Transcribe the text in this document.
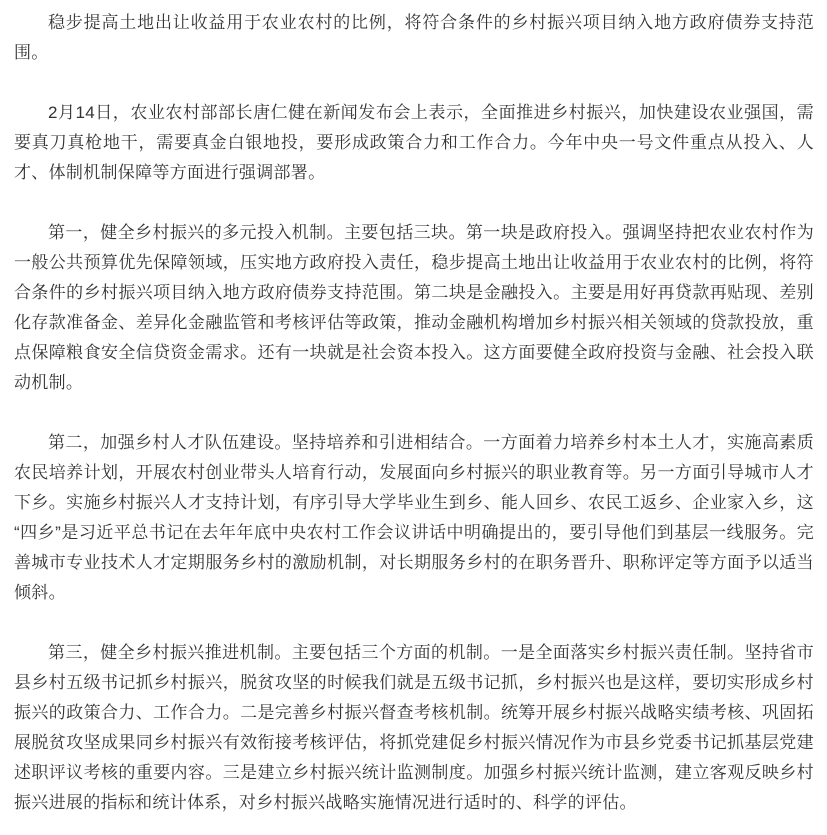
稳步提高土地出让收益用于农业农村的比例，将符合条件的乡村振兴项目纳入地方政府债券支持范围。

2月14日，农业农村部部长唐仁健在新闻发布会上表示，全面推进乡村振兴，加快建设农业强国，需要真刀真枪地干，需要真金白银地投，要形成政策合力和工作合力。今年中央一号文件重点从投入、人才、体制机制保障等方面进行强调部署。

第一，健全乡村振兴的多元投入机制。主要包括三块。第一块是政府投入。强调坚持把农业农村作为一般公共预算优先保障领域，压实地方政府投入责任，稳步提高土地出让收益用于农业农村的比例，将符合条件的乡村振兴项目纳入地方政府债券支持范围。第二块是金融投入。主要是用好再贷款再贴现、差别化存款准备金、差异化金融监管和考核评估等政策，推动金融机构增加乡村振兴相关领域的贷款投放，重点保障粮食安全信贷资金需求。还有一块就是社会资本投入。这方面要健全政府投资与金融、社会投入联动机制。

第二，加强乡村人才队伍建设。坚持培养和引进相结合。一方面着力培养乡村本土人才，实施高素质农民培养计划，开展农村创业带头人培育行动，发展面向乡村振兴的职业教育等。另一方面引导城市人才下乡。实施乡村振兴人才支持计划，有序引导大学毕业生到乡、能人回乡、农民工返乡、企业家入乡，这“四乡”是习近平总书记在去年年底中央农村工作会议讲话中明确提出的，要引导他们到基层一线服务。完善城市专业技术人才定期服务乡村的激励机制，对长期服务乡村的在职务晋升、职称评定等方面予以适当倾斜。

第三，健全乡村振兴推进机制。主要包括三个方面的机制。一是全面落实乡村振兴责任制。坚持省市县乡村五级书记抓乡村振兴，脱贫攻坚的时候我们就是五级书记抓，乡村振兴也是这样，要切实形成乡村振兴的政策合力、工作合力。二是完善乡村振兴督查考核机制。统筹开展乡村振兴战略实绩考核、巩固拓展脱贫攻坚成果同乡村振兴有效衔接考核评估，将抓党建促乡村振兴情况作为市县乡党委书记抓基层党建述职评议考核的重要内容。三是建立乡村振兴统计监测制度。加强乡村振兴统计监测，建立客观反映乡村振兴进展的指标和统计体系，对乡村振兴战略实施情况进行适时的、科学的评估。
